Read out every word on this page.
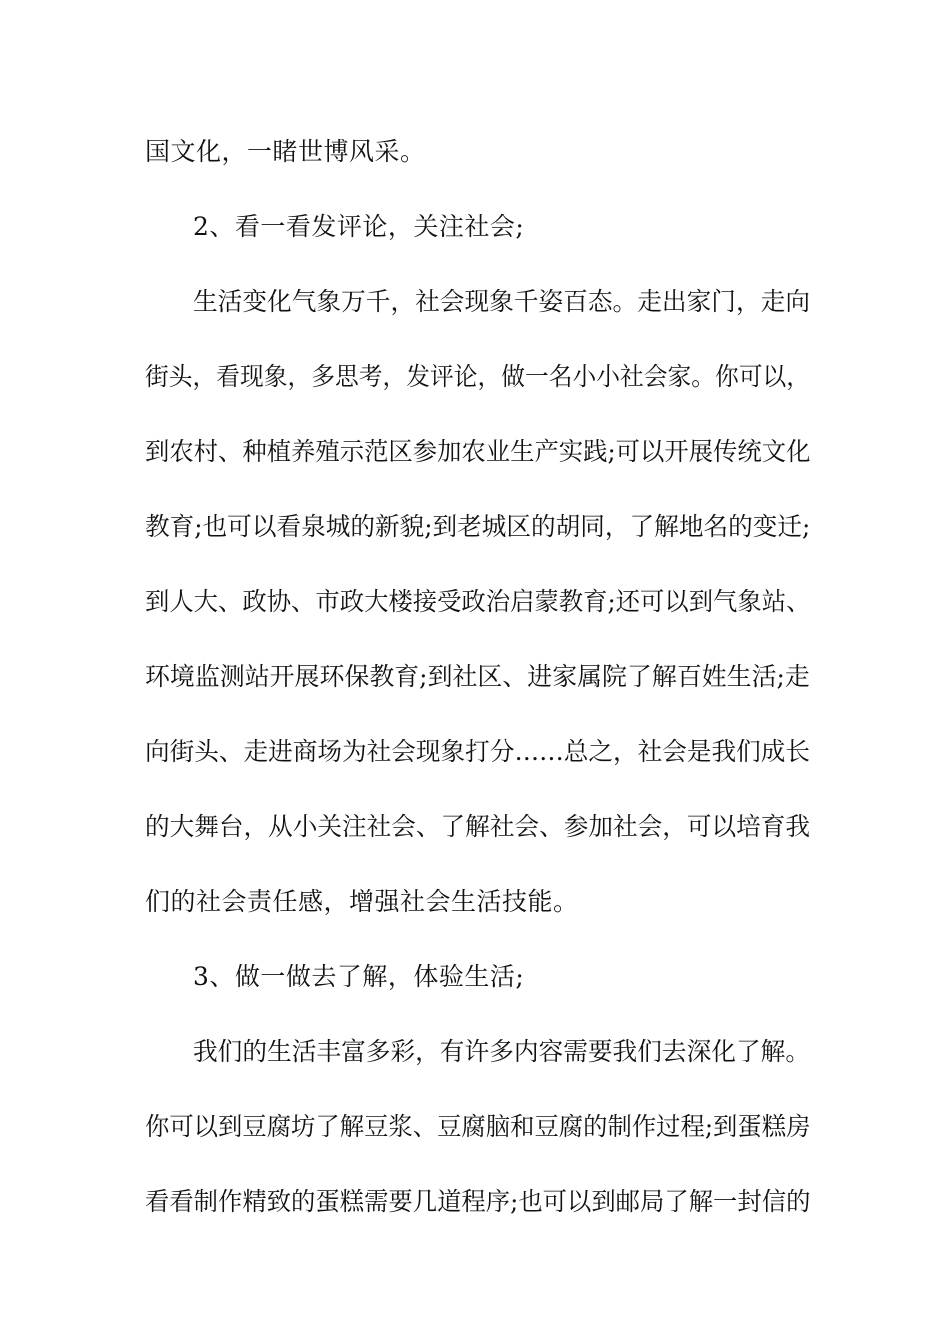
国文化，一睹世博风采。
2、看一看发评论，关注社会;
生活变化气象万千，社会现象千姿百态。走出家门，走向
街头，看现象，多思考，发评论，做一名小小社会家。你可以，
到农村、种植养殖示范区参加农业生产实践;可以开展传统文化
教育;也可以看泉城的新貌;到老城区的胡同，了解地名的变迁;
到人大、政协、市政大楼接受政治启蒙教育;还可以到气象站、
环境监测站开展环保教育;到社区、进家属院了解百姓生活;走
向街头、走进商场为社会现象打分……总之，社会是我们成长
的大舞台，从小关注社会、了解社会、参加社会，可以培育我
们的社会责任感，增强社会生活技能。
3、做一做去了解，体验生活;
我们的生活丰富多彩，有许多内容需要我们去深化了解。
你可以到豆腐坊了解豆浆、豆腐脑和豆腐的制作过程;到蛋糕房
看看制作精致的蛋糕需要几道程序;也可以到邮局了解一封信的
